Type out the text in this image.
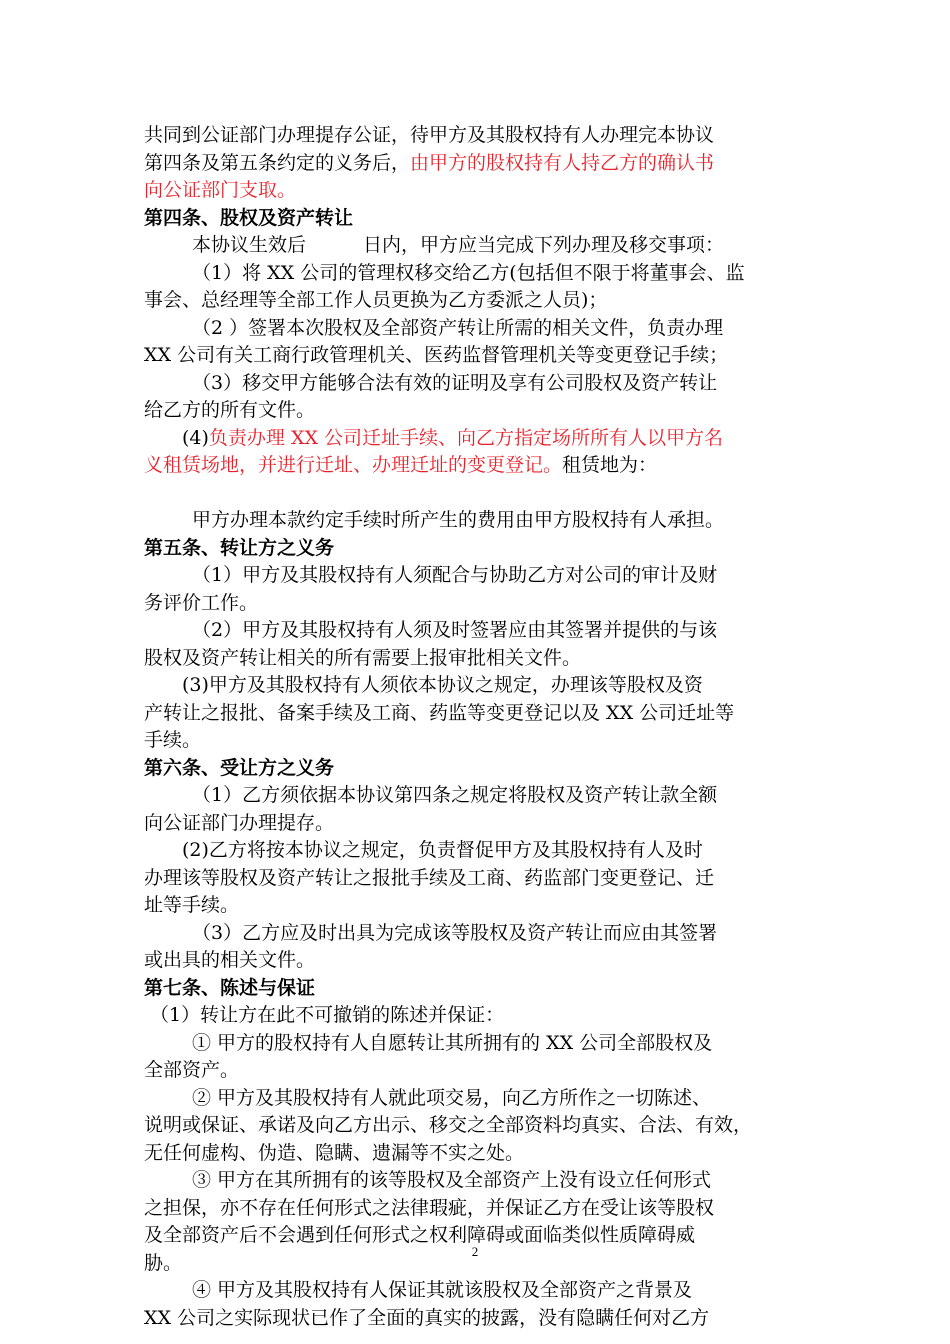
共同到公证部门办理提存公证，待甲方及其股权持有人办理完本协议

第四条及第五条约定的义务后，由甲方的股权持有人持乙方的确认书

向公证部门支取。

第四条、股权及资产转让

本协议生效后　　　日内，甲方应当完成下列办理及移交事项：

（1）将 XX 公司的管理权移交给乙方(包括但不限于将董事会、监

事会、总经理等全部工作人员更换为乙方委派之人员)；

（2 ）签署本次股权及全部资产转让所需的相关文件，负责办理

XX 公司有关工商行政管理机关、医药监督管理机关等变更登记手续；

（3）移交甲方能够合法有效的证明及享有公司股权及资产转让

给乙方的所有文件。

(4)负责办理 XX 公司迁址手续、向乙方指定场所所有人以甲方名

义租赁场地，并进行迁址、办理迁址的变更登记。租赁地为：

甲方办理本款约定手续时所产生的费用由甲方股权持有人承担。

第五条、转让方之义务

（1）甲方及其股权持有人须配合与协助乙方对公司的审计及财

务评价工作。

（2）甲方及其股权持有人须及时签署应由其签署并提供的与该

股权及资产转让相关的所有需要上报审批相关文件。

(3)甲方及其股权持有人须依本协议之规定，办理该等股权及资

产转让之报批、备案手续及工商、药监等变更登记以及 XX 公司迁址等

手续。

第六条、受让方之义务

（1）乙方须依据本协议第四条之规定将股权及资产转让款全额

向公证部门办理提存。

(2)乙方将按本协议之规定，负责督促甲方及其股权持有人及时

办理该等股权及资产转让之报批手续及工商、药监部门变更登记、迁

址等手续。

（3）乙方应及时出具为完成该等股权及资产转让而应由其签署

或出具的相关文件。

第七条、陈述与保证

（1）转让方在此不可撤销的陈述并保证：

① 甲方的股权持有人自愿转让其所拥有的 XX 公司全部股权及

全部资产。

② 甲方及其股权持有人就此项交易，向乙方所作之一切陈述、

说明或保证、承诺及向乙方出示、移交之全部资料均真实、合法、有效，

无任何虚构、伪造、隐瞒、遗漏等不实之处。

③ 甲方在其所拥有的该等股权及全部资产上没有设立任何形式

之担保，亦不存在任何形式之法律瑕疵，并保证乙方在受让该等股权

及全部资产后不会遇到任何形式之权利障碍或面临类似性质障碍威

胁。

④ 甲方及其股权持有人保证其就该股权及全部资产之背景及

XX 公司之实际现状已作了全面的真实的披露，没有隐瞒任何对乙方

2
